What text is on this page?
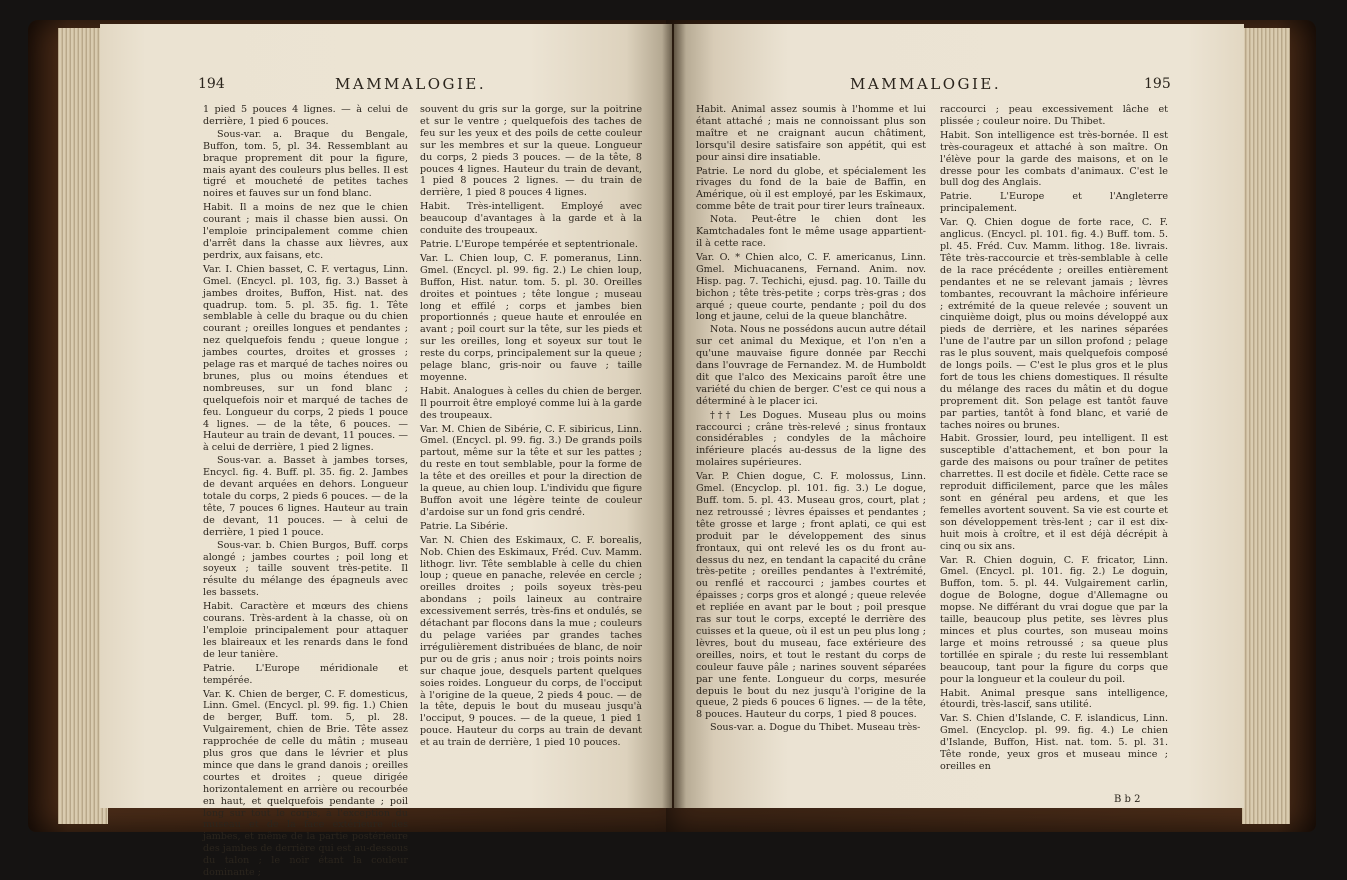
194	MAMMALOGIE.

1 pied 5 pouces 4 lignes. — à celui de derrière, 1 pied 6 pouces.

Sous-var. a. Braque du Bengale, Buffon, tom. 5, pl. 34. Ressemblant au braque proprement dit pour la figure, mais ayant des couleurs plus belles. Il est tigré et moucheté de petites taches noires et fauves sur un fond blanc.

Habit. Il a moins de nez que le chien courant ; mais il chasse bien aussi. On l'emploie principalement comme chien d'arrêt dans la chasse aux lièvres, aux perdrix, aux faisans, etc.

Var. I. Chien basset, C. F. vertagus, Linn. Gmel. (Encycl. pl. 103, fig. 3.) Basset à jambes droites, Buffon, Hist. nat. des quadrup. tom. 5. pl. 35. fig. 1. Tête semblable à celle du braque ou du chien courant ; oreilles longues et pendantes ; nez quelquefois fendu ; queue longue ; jambes courtes, droites et grosses ; pelage ras et marqué de taches noires ou brunes, plus ou moins étendues et nombreuses, sur un fond blanc ; quelquefois noir et marqué de taches de feu. Longueur du corps, 2 pieds 1 pouce 4 lignes. — de la tête, 6 pouces. — Hauteur au train de devant, 11 pouces. — à celui de derrière, 1 pied 2 lignes.

Sous-var. a. Basset à jambes torses, Encycl. fig. 4. Buff. pl. 35. fig. 2. Jambes de devant arquées en dehors. Longueur totale du corps, 2 pieds 6 pouces. — de la tête, 7 pouces 6 lignes. Hauteur au train de devant, 11 pouces. — à celui de derrière, 1 pied 1 pouce.

Sous-var. b. Chien Burgos, Buff. corps alongé ; jambes courtes ; poil long et soyeux ; taille souvent très-petite. Il résulte du mélange des épagneuls avec les bassets.

Habit. Caractère et mœurs des chiens courans. Très-ardent à la chasse, où on l'emploie principalement pour attaquer les blaireaux et les renards dans le fond de leur tanière.

Patrie. L'Europe méridionale et tempérée.

Var. K. Chien de berger, C. F. domesticus, Linn. Gmel. (Encycl. pl. 99. fig. 1.) Chien de berger, Buff. tom. 5, pl. 28. Vulgairement, chien de Brie. Tête assez rapprochée de celle du mâtin ; museau plus gros que dans le lévrier et plus mince que dans le grand danois ; oreilles courtes et droites ; queue dirigée horizontalement en arrière ou recourbée en haut, et quelquefois pendante ; poil long sur tout le corps, à l'exception du museau et de la face extérieure des jambes, et même de la partie postérieure des jambes de derrière qui est au-dessous du talon ; le noir étant la couleur dominante ;

souvent du gris sur la gorge, sur la poitrine et sur le ventre ; quelquefois des taches de feu sur les yeux et des poils de cette couleur sur les membres et sur la queue. Longueur du corps, 2 pieds 3 pouces. — de la tête, 8 pouces 4 lignes. Hauteur du train de devant, 1 pied 8 pouces 2 lignes. — du train de derrière, 1 pied 8 pouces 4 lignes.

Habit. Très-intelligent. Employé avec beaucoup d'avantages à la garde et à la conduite des troupeaux.

Patrie. L'Europe tempérée et septentrionale.

Var. L. Chien loup, C. F. pomeranus, Linn. Gmel. (Encycl. pl. 99. fig. 2.) Le chien loup, Buffon, Hist. natur. tom. 5. pl. 30. Oreilles droites et pointues ; tête longue ; museau long et effilé ; corps et jambes bien proportionnés ; queue haute et enroulée en avant ; poil court sur la tête, sur les pieds et sur les oreilles, long et soyeux sur tout le reste du corps, principalement sur la queue ; pelage blanc, gris-noir ou fauve ; taille moyenne.

Habit. Analogues à celles du chien de berger. Il pourroit être employé comme lui à la garde des troupeaux.

Var. M. Chien de Sibérie, C. F. sibiricus, Linn. Gmel. (Encycl. pl. 99. fig. 3.) De grands poils partout, même sur la tête et sur les pattes ; du reste en tout semblable, pour la forme de la tête et des oreilles et pour la direction de la queue, au chien loup. L'individu que figure Buffon avoit une légère teinte de couleur d'ardoise sur un fond gris cendré.

Patrie. La Sibérie.

Var. N. Chien des Eskimaux, C. F. borealis, Nob. Chien des Eskimaux, Fréd. Cuv. Mamm. lithogr. livr. Tête semblable à celle du chien loup ; queue en panache, relevée en cercle ; oreilles droites ; poils soyeux très-peu abondans ; poils laineux au contraire excessivement serrés, très-fins et ondulés, se détachant par flocons dans la mue ; couleurs du pelage variées par grandes taches irrégulièrement distribuées de blanc, de noir pur ou de gris ; anus noir ; trois points noirs sur chaque joue, desquels partent quelques soies roides. Longueur du corps, de l'occiput à l'origine de la queue, 2 pieds 4 pouc. — de la tête, depuis le bout du museau jusqu'à l'occiput, 9 pouces. — de la queue, 1 pied 1 pouce. Hauteur du corps au train de devant et au train de derrière, 1 pied 10 pouces.

MAMMALOGIE.	195

Habit. Animal assez soumis à l'homme et lui étant attaché ; mais ne connoissant plus son maître et ne craignant aucun châtiment, lorsqu'il desire satisfaire son appétit, qui est pour ainsi dire insatiable.

Patrie. Le nord du globe, et spécialement les rivages du fond de la baie de Baffin, en Amérique, où il est employé, par les Eskimaux, comme bête de trait pour tirer leurs traîneaux.

Nota. Peut-être le chien dont les Kamtchadales font le même usage appartient-il à cette race.

Var. O. * Chien alco, C. F. americanus, Linn. Gmel. Michuacanens, Fernand. Anim. nov. Hisp. pag. 7. Techichi, ejusd. pag. 10. Taille du bichon ; tête très-petite ; corps très-gras ; dos arqué ; queue courte, pendante ; poil du dos long et jaune, celui de la queue blanchâtre.

Nota. Nous ne possédons aucun autre détail sur cet animal du Mexique, et l'on n'en a qu'une mauvaise figure donnée par Recchi dans l'ouvrage de Fernandez. M. de Humboldt dit que l'alco des Mexicains paroît être une variété du chien de berger. C'est ce qui nous a déterminé à le placer ici.

††† Les Dogues. Museau plus ou moins raccourci ; crâne très-relevé ; sinus frontaux considérables ; condyles de la mâchoire inférieure placés au-dessus de la ligne des molaires supérieures.

Var. P. Chien dogue, C. F. molossus, Linn. Gmel. (Encyclop. pl. 101. fig. 3.) Le dogue, Buff. tom. 5. pl. 43. Museau gros, court, plat ; nez retroussé ; lèvres épaisses et pendantes ; tête grosse et large ; front aplati, ce qui est produit par le développement des sinus frontaux, qui ont relevé les os du front au-dessus du nez, en tendant la capacité du crâne très-petite ; oreilles pendantes à l'extrémité, ou renflé et raccourci ; jambes courtes et épaisses ; corps gros et alongé ; queue relevée et repliée en avant par le bout ; poil presque ras sur tout le corps, excepté le derrière des cuisses et la queue, où il est un peu plus long ; lèvres, bout du museau, face extérieure des oreilles, noirs, et tout le restant du corps de couleur fauve pâle ; narines souvent séparées par une fente. Longueur du corps, mesurée depuis le bout du nez jusqu'à l'origine de la queue, 2 pieds 6 pouces 6 lignes. — de la tête, 8 pouces. Hauteur du corps, 1 pied 8 pouces.

Sous-var. a. Dogue du Thibet. Museau très-

raccourci ; peau excessivement lâche et plissée ; couleur noire. Du Thibet.

Habit. Son intelligence est très-bornée. Il est très-courageux et attaché à son maître. On l'élève pour la garde des maisons, et on le dresse pour les combats d'animaux. C'est le bull dog des Anglais.

Patrie. L'Europe et l'Angleterre principalement.

Var. Q. Chien dogue de forte race, C. F. anglicus. (Encycl. pl. 101. fig. 4.) Buff. tom. 5. pl. 45. Fréd. Cuv. Mamm. lithog. 18e. livrais. Tête très-raccourcie et très-semblable à celle de la race précédente ; oreilles entièrement pendantes et ne se relevant jamais ; lèvres tombantes, recouvrant la mâchoire inférieure ; extrémité de la queue relevée ; souvent un cinquième doigt, plus ou moins développé aux pieds de derrière, et les narines séparées l'une de l'autre par un sillon profond ; pelage ras le plus souvent, mais quelquefois composé de longs poils. — C'est le plus gros et le plus fort de tous les chiens domestiques. Il résulte du mélange des races du mâtin et du dogue proprement dit. Son pelage est tantôt fauve par parties, tantôt à fond blanc, et varié de taches noires ou brunes.

Habit. Grossier, lourd, peu intelligent. Il est susceptible d'attachement, et bon pour la garde des maisons ou pour traîner de petites charrettes. Il est docile et fidèle. Cette race se reproduit difficilement, parce que les mâles sont en général peu ardens, et que les femelles avortent souvent. Sa vie est courte et son développement très-lent ; car il est dix-huit mois à croître, et il est déjà décrépit à cinq ou six ans.

Var. R. Chien doguin, C. F. fricator, Linn. Gmel. (Encycl. pl. 101. fig. 2.) Le doguin, Buffon, tom. 5. pl. 44. Vulgairement carlin, dogue de Bologne, dogue d'Allemagne ou mopse. Ne différant du vrai dogue que par la taille, beaucoup plus petite, ses lèvres plus minces et plus courtes, son museau moins large et moins retroussé ; sa queue plus tortillée en spirale ; du reste lui ressemblant beaucoup, tant pour la figure du corps que pour la longueur et la couleur du poil.

Habit. Animal presque sans intelligence, étourdi, très-lascif, sans utilité.

Var. S. Chien d'Islande, C. F. islandicus, Linn. Gmel. (Encyclop. pl. 99. fig. 4.) Le chien d'Islande, Buffon, Hist. nat. tom. 5. pl. 31. Tête ronde, yeux gros et museau mince ; oreilles en

B b 2
